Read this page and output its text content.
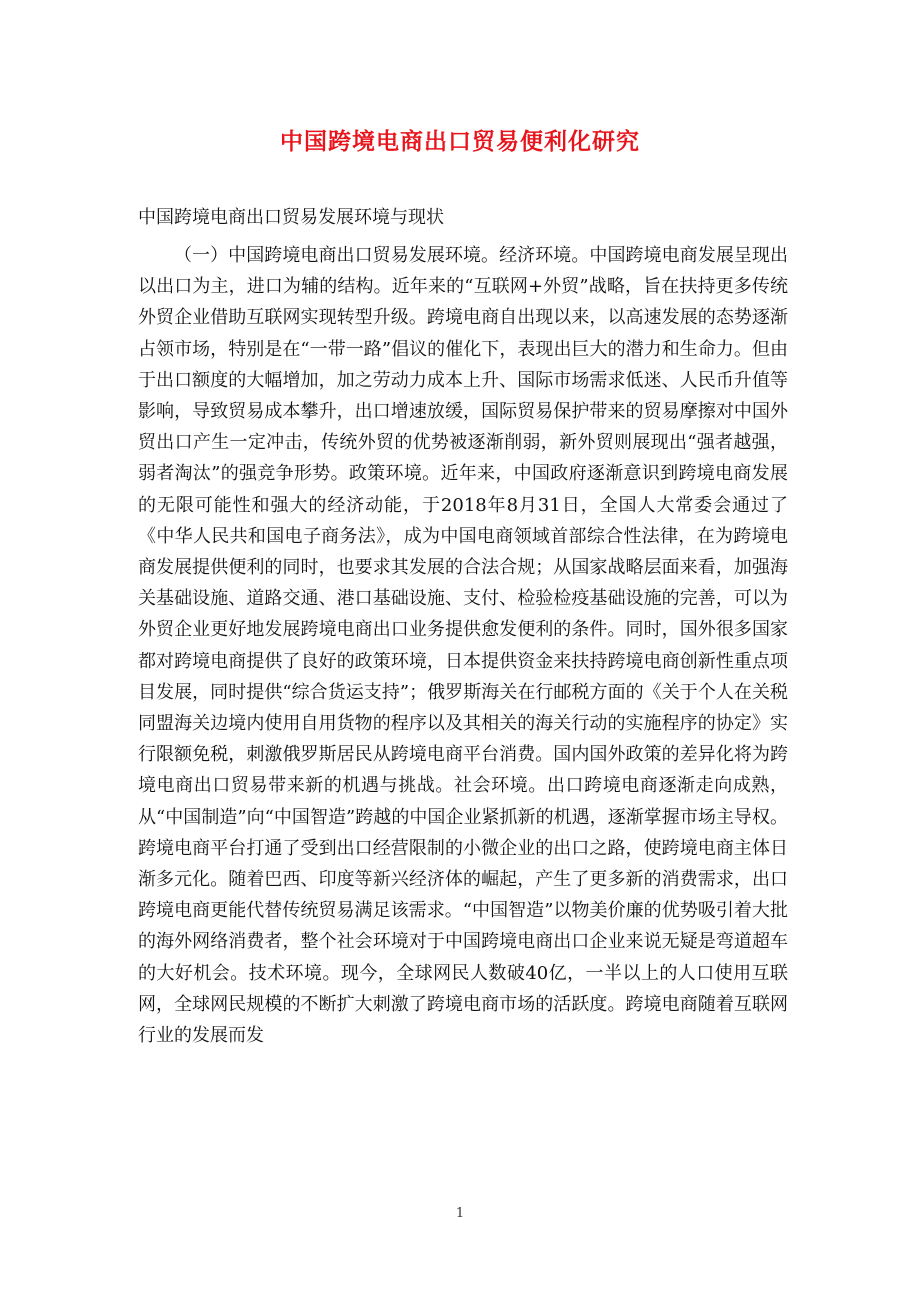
中国跨境电商出口贸易便利化研究

中国跨境电商出口贸易发展环境与现状

（一）中国跨境电商出口贸易发展环境。经济环境。中国跨境电商发展呈现出以出口为主，进口为辅的结构。近年来的“互联网+外贸”战略，旨在扶持更多传统外贸企业借助互联网实现转型升级。跨境电商自出现以来，以高速发展的态势逐渐占领市场，特别是在“一带一路”倡议的催化下，表现出巨大的潜力和生命力。但由于出口额度的大幅增加，加之劳动力成本上升、国际市场需求低迷、人民币升值等影响，导致贸易成本攀升，出口增速放缓，国际贸易保护带来的贸易摩擦对中国外贸出口产生一定冲击，传统外贸的优势被逐渐削弱，新外贸则展现出“强者越强，弱者淘汰”的强竞争形势。政策环境。近年来，中国政府逐渐意识到跨境电商发展的无限可能性和强大的经济动能，于2018年8月31日，全国人大常委会通过了《中华人民共和国电子商务法》，成为中国电商领域首部综合性法律，在为跨境电商发展提供便利的同时，也要求其发展的合法合规；从国家战略层面来看，加强海关基础设施、道路交通、港口基础设施、支付、检验检疫基础设施的完善，可以为外贸企业更好地发展跨境电商出口业务提供愈发便利的条件。同时，国外很多国家都对跨境电商提供了良好的政策环境，日本提供资金来扶持跨境电商创新性重点项目发展，同时提供“综合货运支持”；俄罗斯海关在行邮税方面的《关于个人在关税同盟海关边境内使用自用货物的程序以及其相关的海关行动的实施程序的协定》实行限额免税，刺激俄罗斯居民从跨境电商平台消费。国内国外政策的差异化将为跨境电商出口贸易带来新的机遇与挑战。社会环境。出口跨境电商逐渐走向成熟，从“中国制造”向“中国智造”跨越的中国企业紧抓新的机遇，逐渐掌握市场主导权。跨境电商平台打通了受到出口经营限制的小微企业的出口之路，使跨境电商主体日渐多元化。随着巴西、印度等新兴经济体的崛起，产生了更多新的消费需求，出口跨境电商更能代替传统贸易满足该需求。“中国智造”以物美价廉的优势吸引着大批的海外网络消费者，整个社会环境对于中国跨境电商出口企业来说无疑是弯道超车的大好机会。技术环境。现今，全球网民人数破40亿，一半以上的人口使用互联网，全球网民规模的不断扩大刺激了跨境电商市场的活跃度。跨境电商随着互联网行业的发展而发

1
